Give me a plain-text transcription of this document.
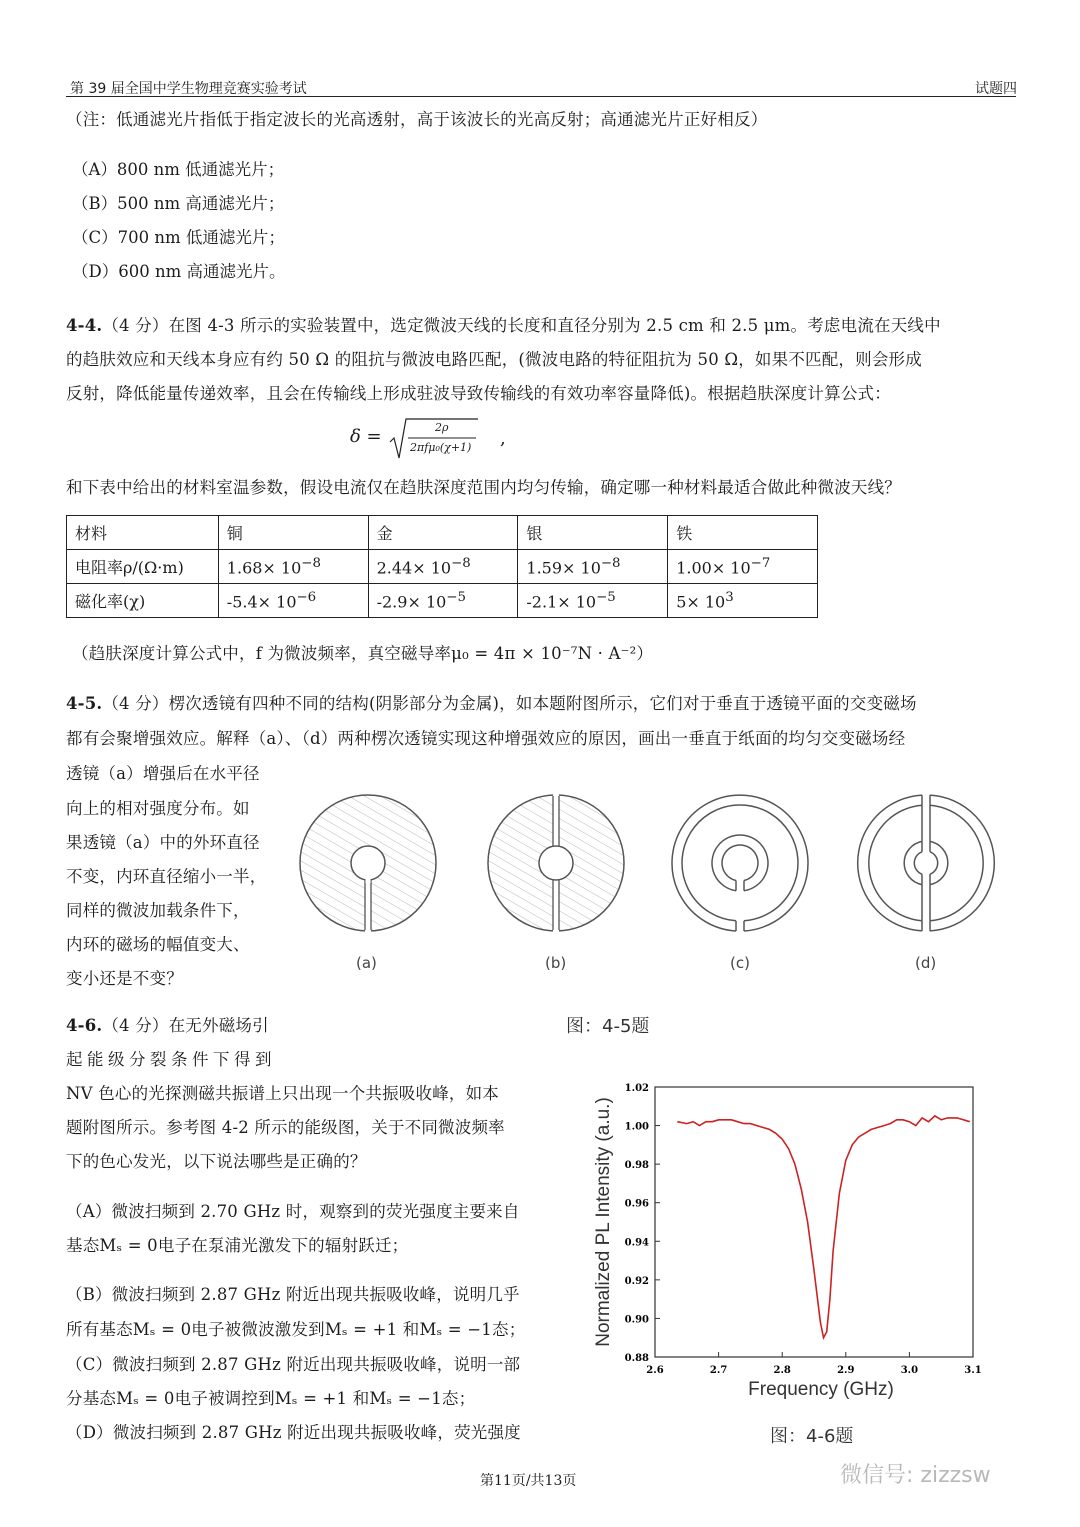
第 39 届全国中学生物理竞赛实验考试	试题四
（注：低通滤光片指低于指定波长的光高透射，高于该波长的光高反射；高通滤光片正好相反）
（A）800 nm 低通滤光片；
（B）500 nm 高通滤光片；
（C）700 nm 低通滤光片；
（D）600 nm 高通滤光片。
4-4.（4 分）在图 4-3 所示的实验装置中，选定微波天线的长度和直径分别为 2.5 cm 和 2.5 μm。考虑电流在天线中
的趋肤效应和天线本身应有约 50 Ω 的阻抗与微波电路匹配，(微波电路的特征阻抗为 50 Ω，如果不匹配，则会形成
反射，降低能量传递效率，且会在传输线上形成驻波导致传输线的有效功率容量降低)。根据趋肤深度计算公式：
δ =	2ρ
2πfμ₀(χ+1) ,
和下表中给出的材料室温参数，假设电流仅在趋肤深度范围内均匀传输，确定哪一种材料最适合做此种微波天线？
材料	铜	金	银	铁
电阻率ρ/(Ω·m)	$1.68\times 10^{-8}$	$2.44\times 10^{-8}$	$1.59\times 10^{-8}$	$1.00\times 10^{-7}$
磁化率(χ)	$-5.4\times 10^{-6}$	$-2.9\times 10^{-5}$	$-2.1\times 10^{-5}$	$5\times 10^3$
（趋肤深度计算公式中，f 为微波频率，真空磁导率μ₀ = 4π × 10⁻⁷N · A⁻²）
4-5.（4 分）楞次透镜有四种不同的结构(阴影部分为金属)，如本题附图所示，它们对于垂直于透镜平面的交变磁场
都有会聚增强效应。解释（a）、（d）两种楞次透镜实现这种增强效应的原因，画出一垂直于纸面的均匀交变磁场经
透镜（a）增强后在水平径
向上的相对强度分布。如
果透镜（a）中的外环直径
不变，内环直径缩小一半，
同样的微波加载条件下，
内环的磁场的幅值变大、
变小还是不变？
(a)	(b)	(c)	(d)
图：4-5题
4-6.（4 分）在无外磁场引
起能级分裂条件下得到
NV 色心的光探测磁共振谱上只出现一个共振吸收峰，如本
题附图所示。参考图 4-2 所示的能级图，关于不同微波频率
下的色心发光，以下说法哪些是正确的？
（A）微波扫频到 2.70 GHz 时，观察到的荧光强度主要来自
基态Mₛ = 0电子在泵浦光激发下的辐射跃迁；
（B）微波扫频到 2.87 GHz 附近出现共振吸收峰，说明几乎
所有基态Mₛ = 0电子被微波激发到Mₛ = +1 和Mₛ = −1态；
（C）微波扫频到 2.87 GHz 附近出现共振吸收峰，说明一部
分基态Mₛ = 0电子被调控到Mₛ = +1 和Mₛ = −1态；
（D）微波扫频到 2.87 GHz 附近出现共振吸收峰，荧光强度
0.88
0.90
0.92
0.94
0.96
0.98
1.00
1.02
2.6	2.7	2.8	2.9	3.0	3.1
Normalized PL Intensity (a.u.)
Frequency (GHz)
图：4-6题
第11页/共13页	微信号: zizzsw
